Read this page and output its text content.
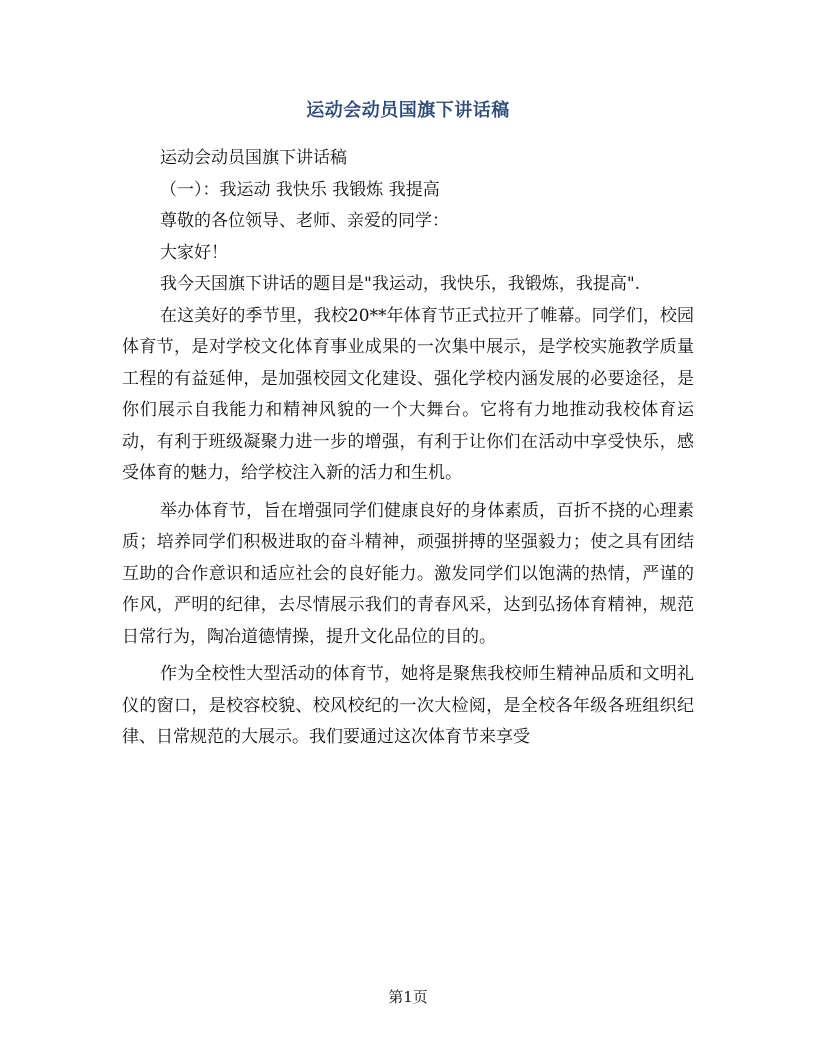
运动会动员国旗下讲话稿

运动会动员国旗下讲话稿

（一）：我运动 我快乐 我锻炼 我提高

尊敬的各位领导、老师、亲爱的同学：

大家好！

我今天国旗下讲话的题目是"我运动，我快乐，我锻炼，我提高".

在这美好的季节里，我校20**年体育节正式拉开了帷幕。同学们，校园体育节，是对学校文化体育事业成果的一次集中展示，是学校实施教学质量工程的有益延伸，是加强校园文化建设、强化学校内涵发展的必要途径，是你们展示自我能力和精神风貌的一个大舞台。它将有力地推动我校体育运动，有利于班级凝聚力进一步的增强，有利于让你们在活动中享受快乐，感受体育的魅力，给学校注入新的活力和生机。

举办体育节，旨在增强同学们健康良好的身体素质，百折不挠的心理素质；培养同学们积极进取的奋斗精神，顽强拼搏的坚强毅力；使之具有团结互助的合作意识和适应社会的良好能力。激发同学们以饱满的热情，严谨的作风，严明的纪律，去尽情展示我们的青春风采，达到弘扬体育精神，规范日常行为，陶冶道德情操，提升文化品位的目的。

作为全校性大型活动的体育节，她将是聚焦我校师生精神品质和文明礼仪的窗口，是校容校貌、校风校纪的一次大检阅，是全校各年级各班组织纪律、日常规范的大展示。我们要通过这次体育节来享受

第1页
